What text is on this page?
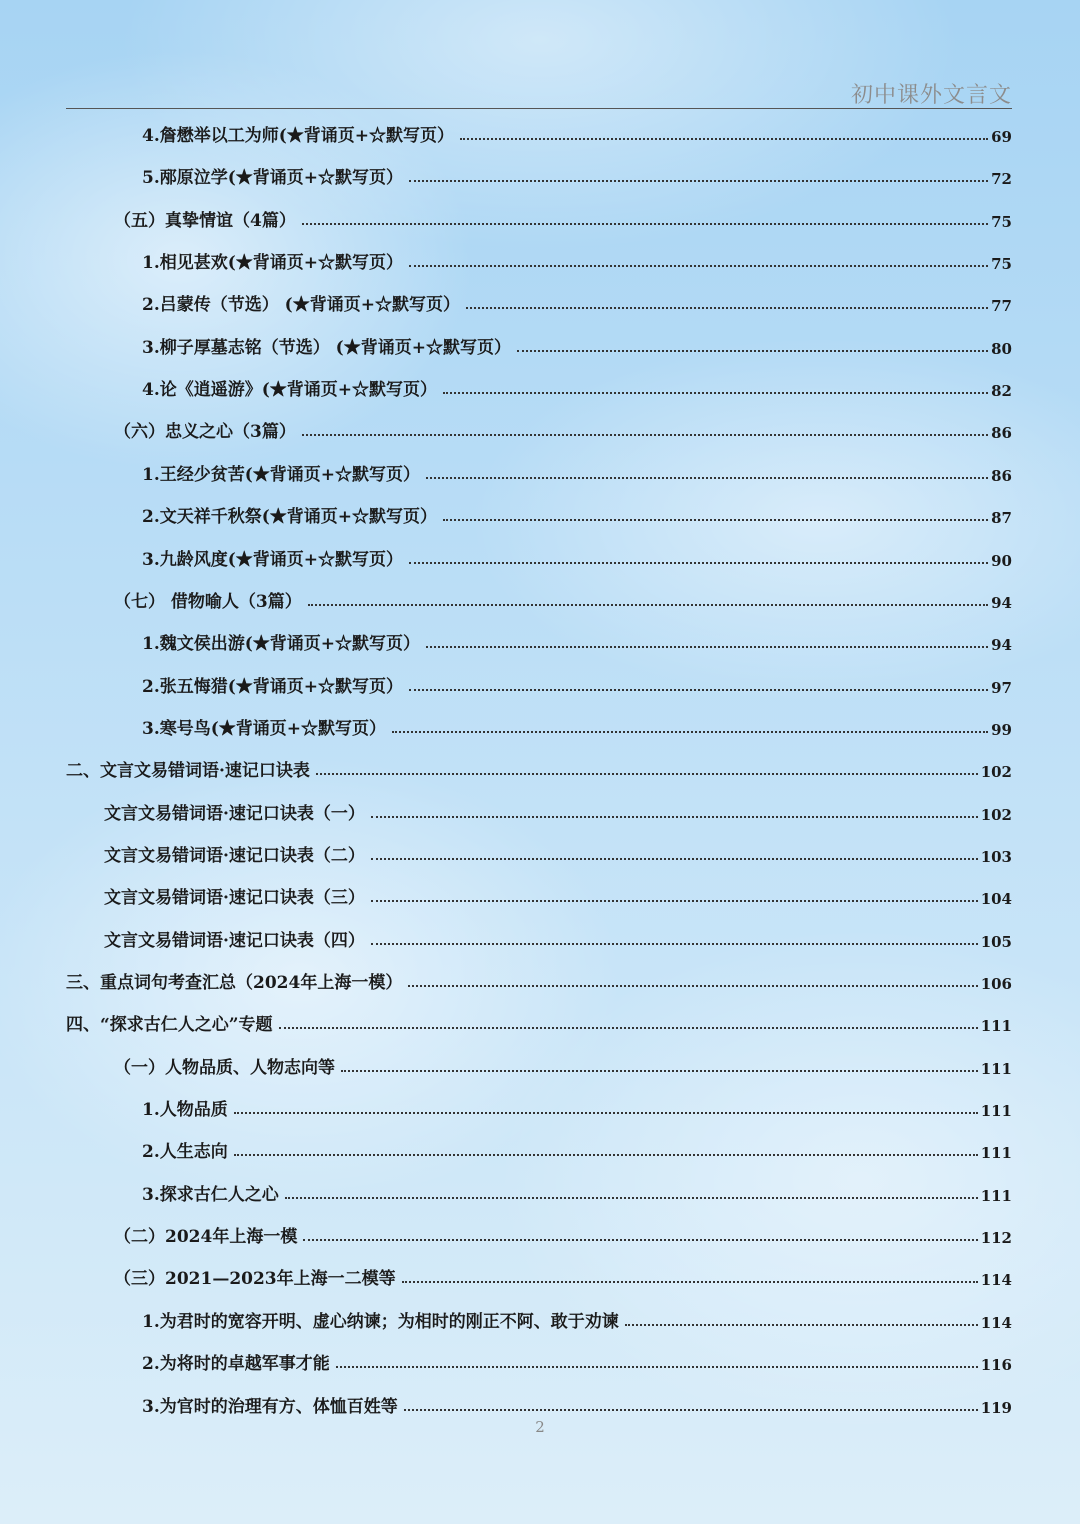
初中课外文言文
4.詹懋举以工为师(★背诵页+☆默写页）	69
5.邴原泣学(★背诵页+☆默写页）	72
（五）真挚情谊（4篇）	75
1.相见甚欢(★背诵页+☆默写页）	75
2.吕蒙传（节选） (★背诵页+☆默写页）	77
3.柳子厚墓志铭（节选） (★背诵页+☆默写页）	80
4.论《逍遥游》(★背诵页+☆默写页）	82
（六）忠义之心（3篇）	86
1.王经少贫苦(★背诵页+☆默写页）	86
2.文天祥千秋祭(★背诵页+☆默写页）	87
3.九龄风度(★背诵页+☆默写页）	90
（七） 借物喻人（3篇）	94
1.魏文侯出游(★背诵页+☆默写页）	94
2.张五悔猎(★背诵页+☆默写页）	97
3.寒号鸟(★背诵页+☆默写页）	99
二、文言文易错词语·速记口诀表	102
文言文易错词语·速记口诀表（一）	102
文言文易错词语·速记口诀表（二）	103
文言文易错词语·速记口诀表（三）	104
文言文易错词语·速记口诀表（四）	105
三、重点词句考查汇总（2024年上海一模）	106
四、“探求古仁人之心”专题	111
（一）人物品质、人物志向等	111
1.人物品质	111
2.人生志向	111
3.探求古仁人之心	111
（二）2024年上海一模	112
（三）2021—2023年上海一二模等	114
1.为君时的宽容开明、虚心纳谏；为相时的刚正不阿、敢于劝谏	114
2.为将时的卓越军事才能	116
3.为官时的治理有方、体恤百姓等	119
2
